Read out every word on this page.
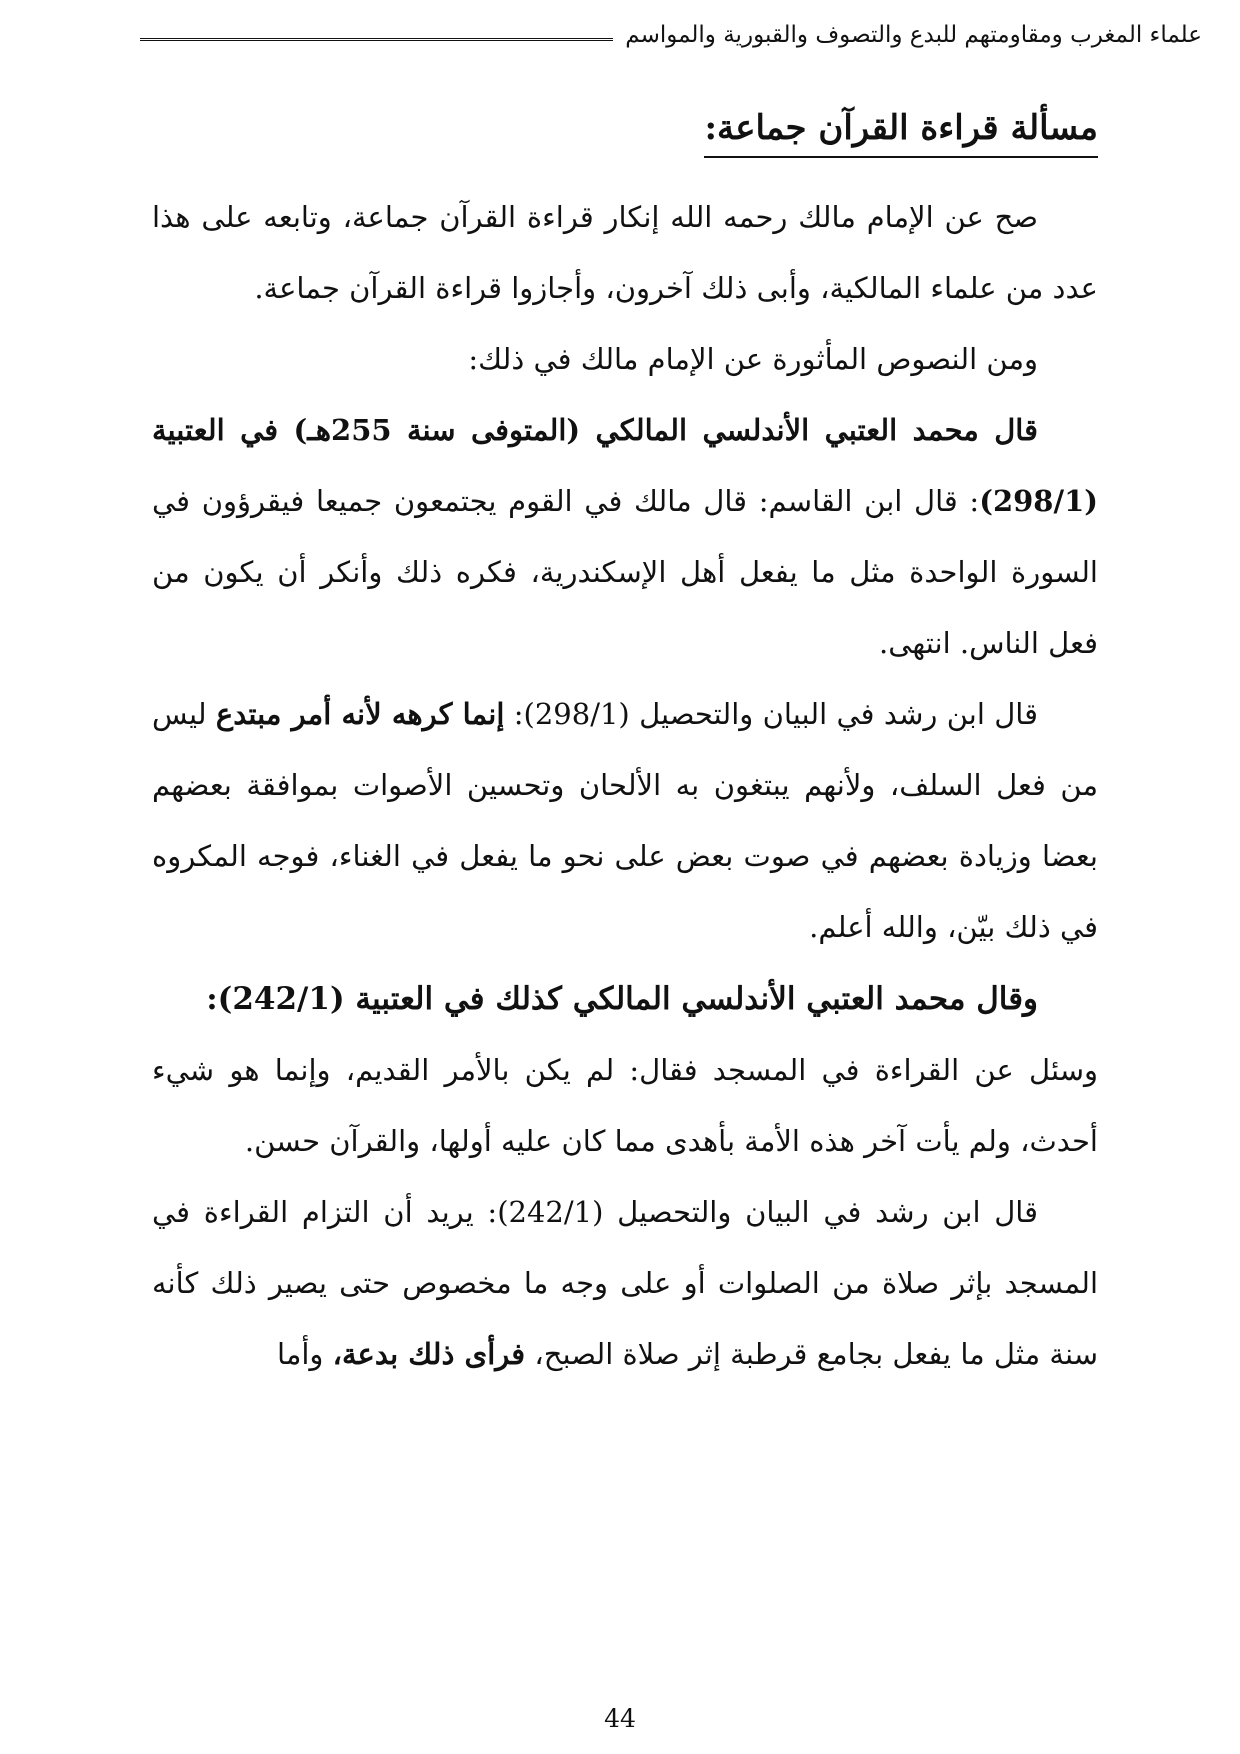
علماء المغرب ومقاومتهم للبدع والتصوف والقبورية والمواسم
مسألة قراءة القرآن جماعة:

صح عن الإمام مالك رحمه الله إنكار قراءة القرآن جماعة، وتابعه على هذا عدد من علماء المالكية، وأبى ذلك آخرون، وأجازوا قراءة القرآن جماعة.

ومن النصوص المأثورة عن الإمام مالك في ذلك:

قال محمد العتبي الأندلسي المالكي (المتوفى سنة 255هـ) في العتبية (298/1): قال ابن القاسم: قال مالك في القوم يجتمعون جميعا فيقرؤون في السورة الواحدة مثل ما يفعل أهل الإسكندرية، فكره ذلك وأنكر أن يكون من فعل الناس. انتهى.

قال ابن رشد في البيان والتحصيل (298/1): إنما كرهه لأنه أمر مبتدع ليس من فعل السلف، ولأنهم يبتغون به الألحان وتحسين الأصوات بموافقة بعضهم بعضا وزيادة بعضهم في صوت بعض على نحو ما يفعل في الغناء، فوجه المكروه في ذلك بيّن، والله أعلم.

وقال محمد العتبي الأندلسي المالكي كذلك في العتبية (242/1):

وسئل عن القراءة في المسجد فقال: لم يكن بالأمر القديم، وإنما هو شيء أحدث، ولم يأت آخر هذه الأمة بأهدى مما كان عليه أولها، والقرآن حسن.

قال ابن رشد في البيان والتحصيل (242/1): يريد أن التزام القراءة في المسجد بإثر صلاة من الصلوات أو على وجه ما مخصوص حتى يصير ذلك كأنه سنة مثل ما يفعل بجامع قرطبة إثر صلاة الصبح، فرأى ذلك بدعة، وأما

44
